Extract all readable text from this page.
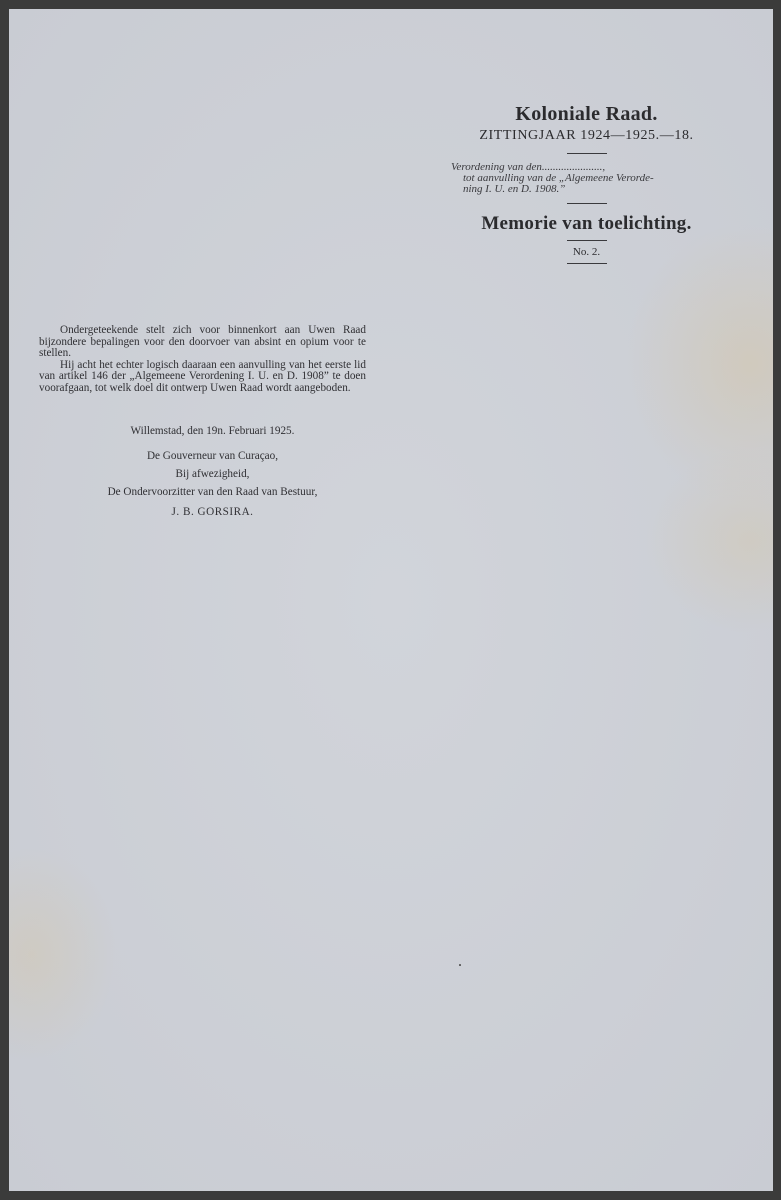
Koloniale Raad.
ZITTINGJAAR 1924—1925.—18.
Verordening van den......................,
tot aanvulling van de „Algemeene Verorde-
ning I. U. en D. 1908.”
Memorie van toelichting.
No. 2.

Ondergeteekende stelt zich voor binnenkort aan Uwen Raad bijzondere bepalingen voor den doorvoer van absint en opium voor te stellen.

Hij acht het echter logisch daaraan een aanvulling van het eerste lid van artikel 146 der „Algemeene Verordening I. U. en D. 1908” te doen voorafgaan, tot welk doel dit ontwerp Uwen Raad wordt aangeboden.

Willemstad, den 19n. Februari 1925.
De Gouverneur van Curaçao,
Bij afwezigheid,
De Ondervoorzitter van den Raad van Bestuur,
J. B. GORSIRA.
